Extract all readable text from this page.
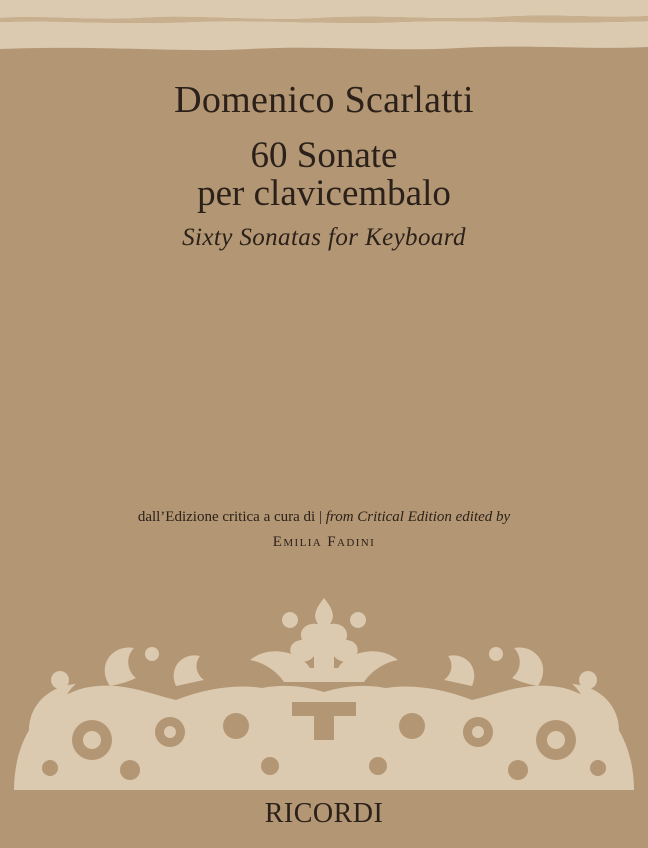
Domenico Scarlatti
60 Sonate
per clavicembalo
Sixty Sonatas for Keyboard
dall’Edizione critica a cura di | from Critical Edition edited by
Emilia Fadini
RICORDI
